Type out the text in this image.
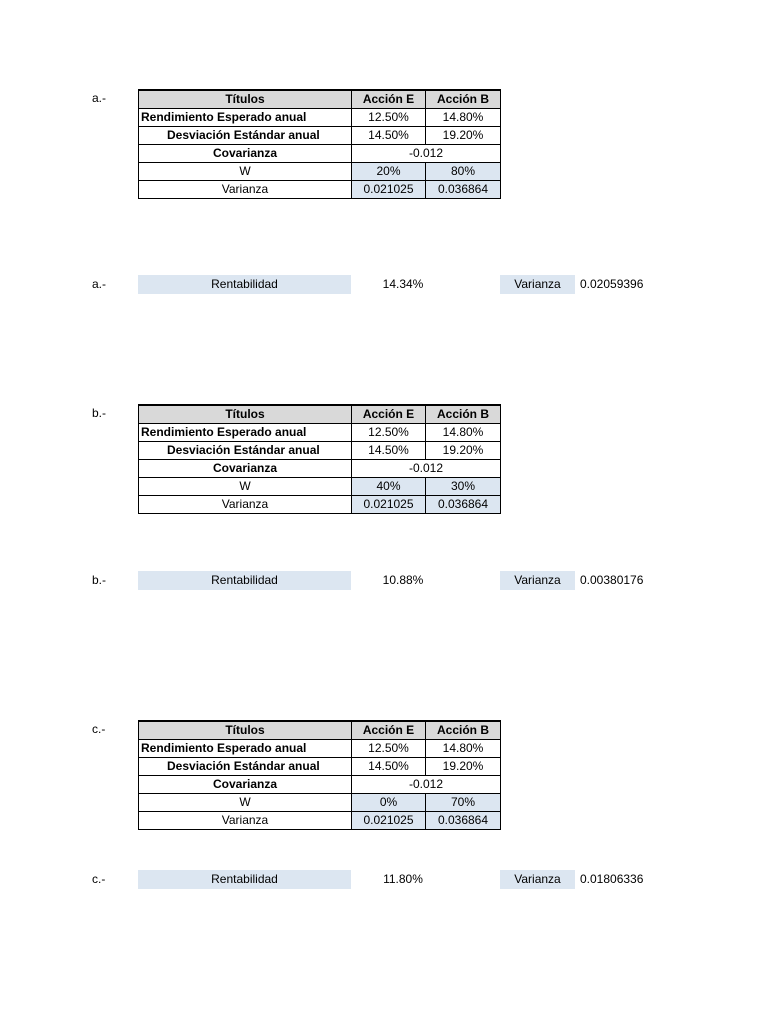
a.-	Títulos	Acción E	Acción B
Rendimiento Esperado anual	12.50%	14.80%
Desviación Estándar anual	14.50%	19.20%
Covarianza	-0.012	
W	20%	80%
Varianza	0.021025	0.036864
a.-	Rentabilidad	14.34%	Varianza	0.02059396
b.-	Títulos	Acción E	Acción B
Rendimiento Esperado anual	12.50%	14.80%
Desviación Estándar anual	14.50%	19.20%
Covarianza	-0.012	
W	40%	30%
Varianza	0.021025	0.036864
b.-	Rentabilidad	10.88%	Varianza	0.00380176
c.-	Títulos	Acción E	Acción B
Rendimiento Esperado anual	12.50%	14.80%
Desviación Estándar anual	14.50%	19.20%
Covarianza	-0.012	
W	0%	70%
Varianza	0.021025	0.036864
c.-	Rentabilidad	11.80%	Varianza	0.01806336
